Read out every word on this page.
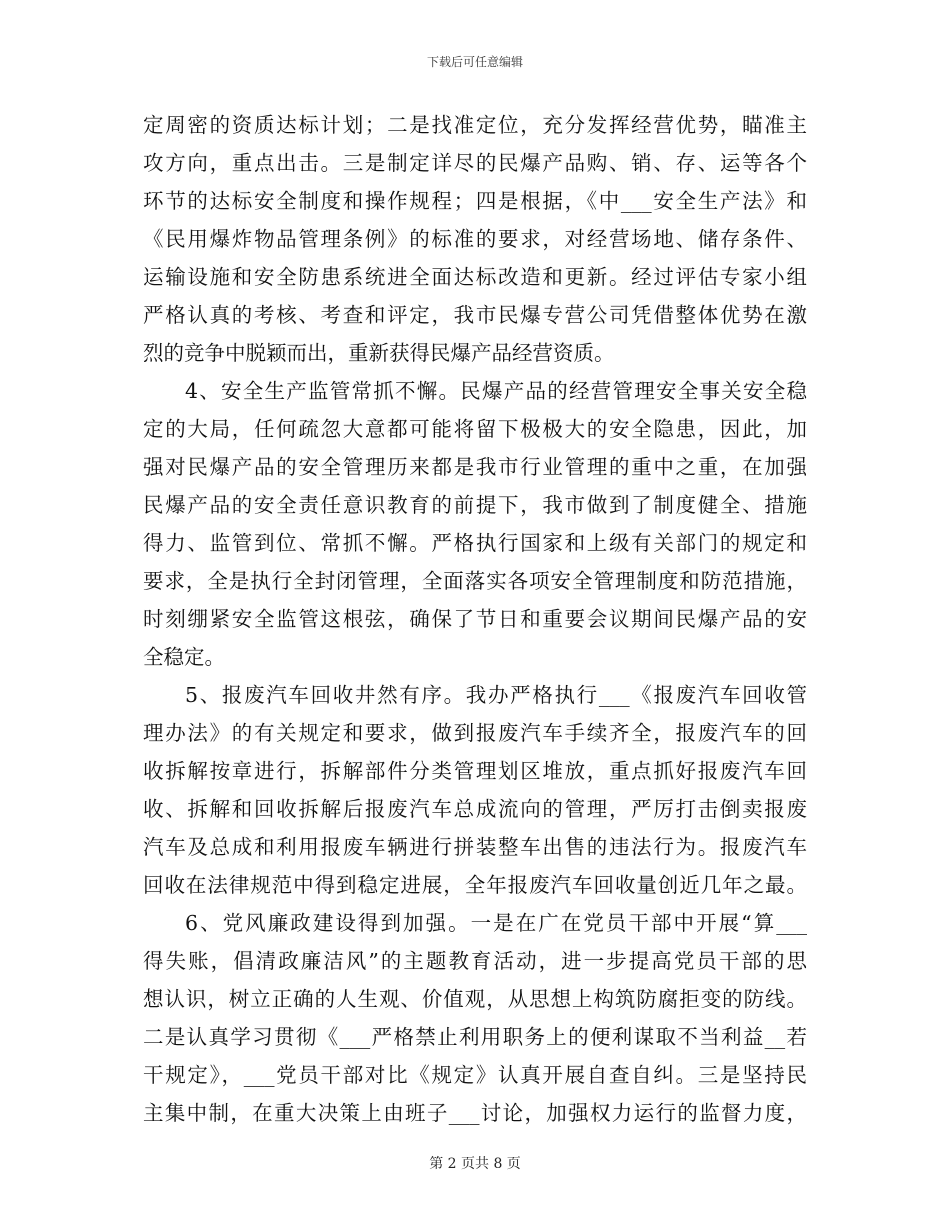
下载后可任意编辑
定周密的资质达标计划；二是找准定位，充分发挥经营优势，瞄准主
攻方向，重点出击。三是制定详尽的民爆产品购、销、存、运等各个
环节的达标安全制度和操作规程；四是根据，《中___安全生产法》和
《民用爆炸物品管理条例》的标准的要求，对经营场地、储存条件、
运输设施和安全防患系统进全面达标改造和更新。经过评估专家小组
严格认真的考核、考查和评定，我市民爆专营公司凭借整体优势在激
烈的竞争中脱颖而出，重新获得民爆产品经营资质。
4、安全生产监管常抓不懈。民爆产品的经营管理安全事关安全稳
定的大局，任何疏忽大意都可能将留下极极大的安全隐患，因此，加
强对民爆产品的安全管理历来都是我市行业管理的重中之重，在加强
民爆产品的安全责任意识教育的前提下，我市做到了制度健全、措施
得力、监管到位、常抓不懈。严格执行国家和上级有关部门的规定和
要求，全是执行全封闭管理，全面落实各项安全管理制度和防范措施，
时刻绷紧安全监管这根弦，确保了节日和重要会议期间民爆产品的安
全稳定。
5、报废汽车回收井然有序。我办严格执行___《报废汽车回收管
理办法》的有关规定和要求，做到报废汽车手续齐全，报废汽车的回
收拆解按章进行，拆解部件分类管理划区堆放，重点抓好报废汽车回
收、拆解和回收拆解后报废汽车总成流向的管理，严厉打击倒卖报废
汽车及总成和利用报废车辆进行拼装整车出售的违法行为。报废汽车
回收在法律规范中得到稳定进展，全年报废汽车回收量创近几年之最。
6、党风廉政建设得到加强。一是在广在党员干部中开展“算___
得失账，倡清政廉洁风”的主题教育活动，进一步提高党员干部的思
想认识，树立正确的人生观、价值观，从思想上构筑防腐拒变的防线。
二是认真学习贯彻《___严格禁止利用职务上的便利谋取不当利益__若
干规定》，___党员干部对比《规定》认真开展自查自纠。三是坚持民
主集中制，在重大决策上由班子___讨论，加强权力运行的监督力度，
第 2 页共 8 页
